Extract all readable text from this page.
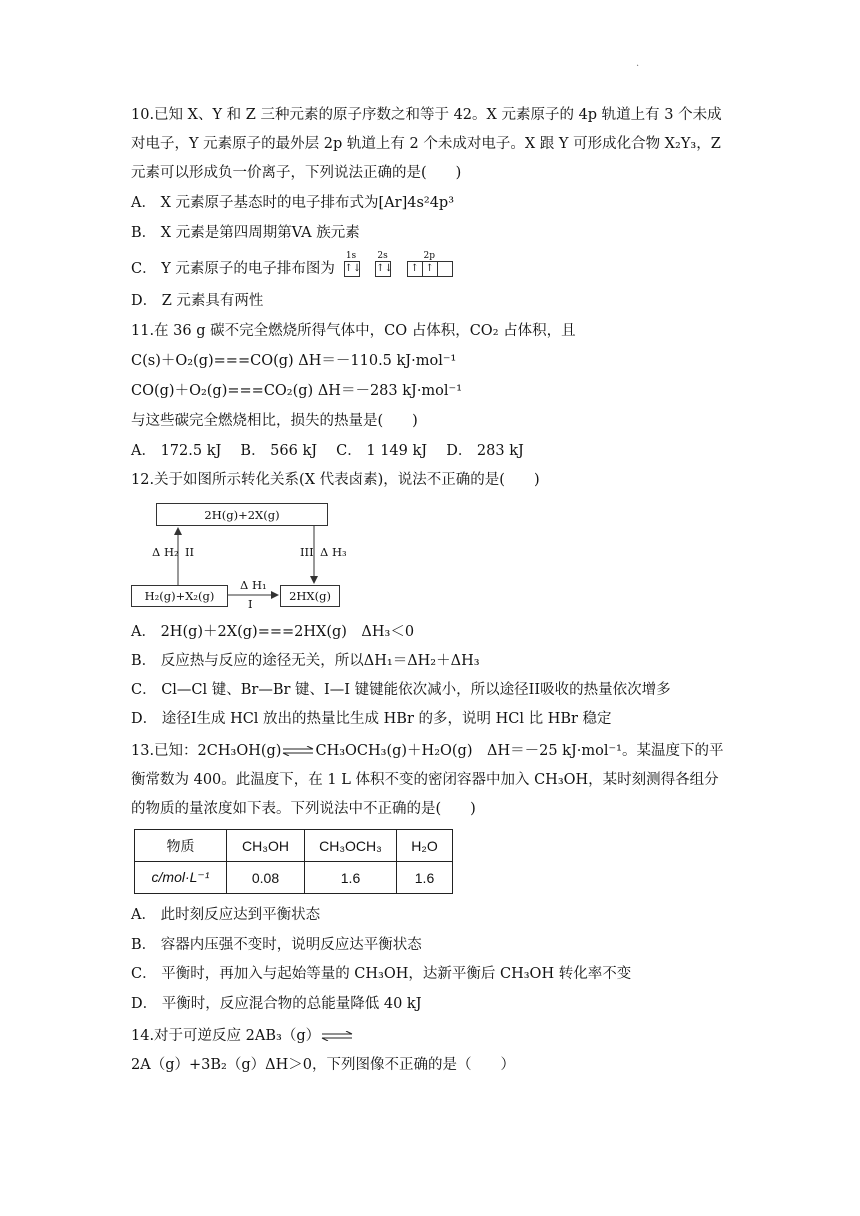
.
10.已知 X、Y 和 Z 三种元素的原子序数之和等于 42。X 元素原子的 4p 轨道上有 3 个未成对电子，Y 元素原子的最外层 2p 轨道上有 2 个未成对电子。X 跟 Y 可形成化合物 X₂Y₃，Z 元素可以形成负一价离子，下列说法正确的是(　　)
A． X 元素原子基态时的电子排布式为[Ar]4s²4p³
B． X 元素是第四周期第VA 族元素
C． Y 元素原子的电子排布图为
1s
↑↓
2s
↑↓
2p
↑ ↑
D． Z 元素具有两性
11.在 36 g 碳不完全燃烧所得气体中，CO 占体积，CO₂ 占体积，且
C(s)＋O₂(g)===CO(g) ΔH＝－110.5 kJ·mol⁻¹
CO(g)＋O₂(g)===CO₂(g) ΔH＝－283 kJ·mol⁻¹
与这些碳完全燃烧相比，损失的热量是(　　)
A． 172.5 kJ　 B． 566 kJ　 C． 1 149 kJ　 D． 283 kJ
12.关于如图所示转化关系(X 代表卤素)，说法不正确的是(　　)
2H(g)+2X(g)
H₂(g)+X₂(g)	2HX(g)
Δ H₂ II	III Δ H₃
Δ H₁
I
A． 2H(g)＋2X(g)===2HX(g)　ΔH₃＜0
B． 反应热与反应的途径无关，所以ΔH₁＝ΔH₂＋ΔH₃
C． Cl—Cl 键、Br—Br 键、I—I 键键能依次减小，所以途径II吸收的热量依次增多
D． 途径I生成 HCl 放出的热量比生成 HBr 的多，说明 HCl 比 HBr 稳定
13.已知：2CH₃OH(g)⇌CH₃OCH₃(g)＋H₂O(g)　ΔH＝－25 kJ·mol⁻¹。某温度下的平衡常数为 400。此温度下，在 1 L 体积不变的密闭容器中加入 CH₃OH，某时刻测得各组分的物质的量浓度如下表。下列说法中不正确的是(　　)
物质	CH₃OH	CH₃OCH₃	H₂O
c/mol·L⁻¹	0.08	1.6	1.6
A． 此时刻反应达到平衡状态
B． 容器内压强不变时，说明反应达平衡状态
C． 平衡时，再加入与起始等量的 CH₃OH，达新平衡后 CH₃OH 转化率不变
D． 平衡时，反应混合物的总能量降低 40 kJ
14.对于可逆反应 2AB₃（g）⇌2A（g）+3B₂（g）ΔH＞0，下列图像不正确的是（　　）
